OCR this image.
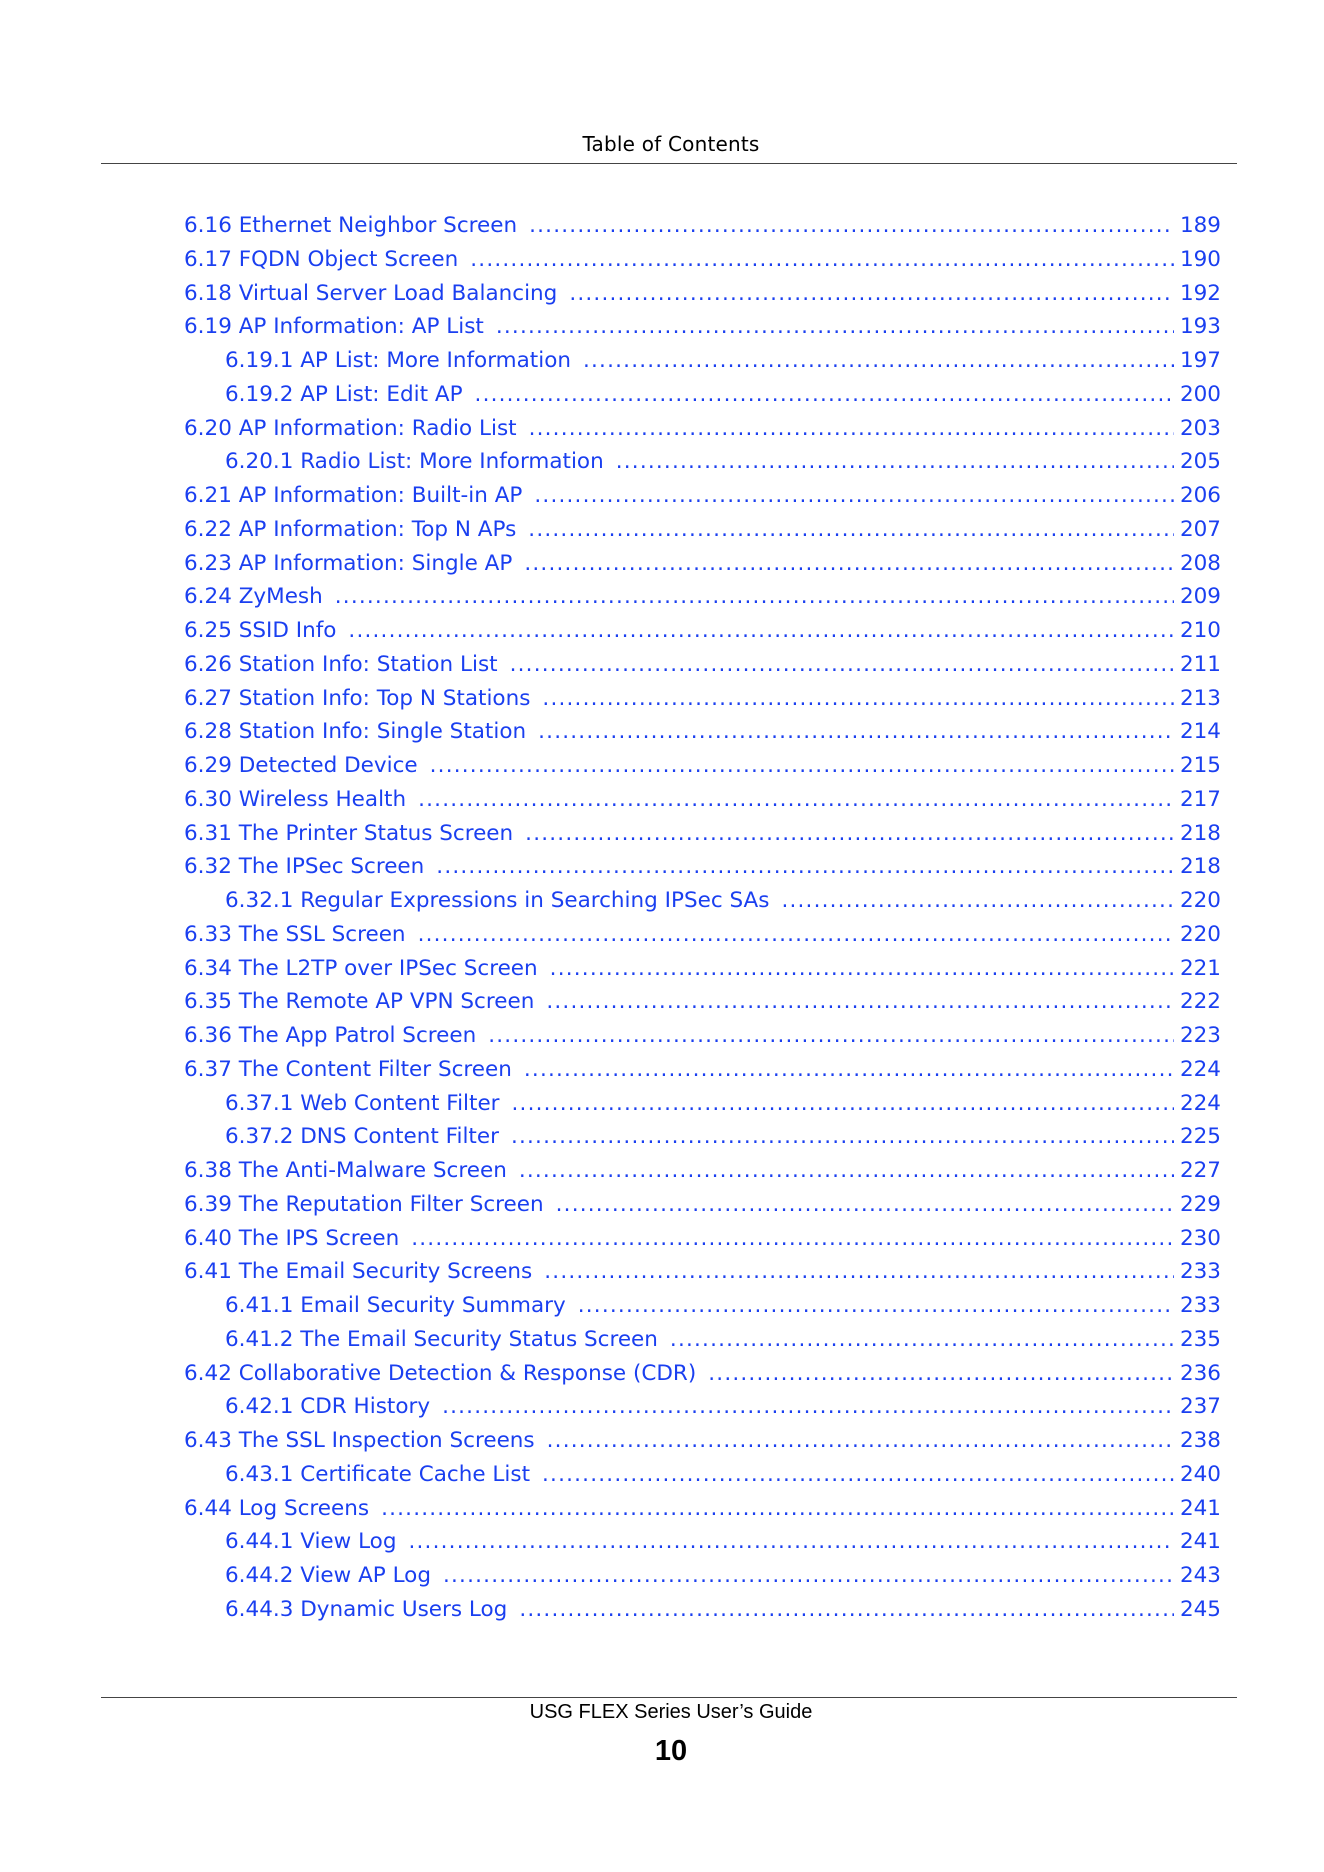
Table of Contents
6.16 Ethernet Neighbor Screen .....	189
6.17 FQDN Object Screen .....	190
6.18 Virtual Server Load Balancing .....	192
6.19 AP Information: AP List .....	193
6.19.1 AP List: More Information .....	197
6.19.2 AP List: Edit AP .....	200
6.20 AP Information: Radio List .....	203
6.20.1 Radio List: More Information .....	205
6.21 AP Information: Built-in AP .....	206
6.22 AP Information: Top N APs .....	207
6.23 AP Information: Single AP .....	208
6.24 ZyMesh .....	209
6.25 SSID Info .....	210
6.26 Station Info: Station List .....	211
6.27 Station Info: Top N Stations .....	213
6.28 Station Info: Single Station .....	214
6.29 Detected Device .....	215
6.30 Wireless Health .....	217
6.31 The Printer Status Screen .....	218
6.32 The IPSec Screen .....	218
6.32.1 Regular Expressions in Searching IPSec SAs .....	220
6.33 The SSL Screen .....	220
6.34 The L2TP over IPSec Screen .....	221
6.35 The Remote AP VPN Screen .....	222
6.36 The App Patrol Screen .....	223
6.37 The Content Filter Screen .....	224
6.37.1 Web Content Filter .....	224
6.37.2 DNS Content Filter .....	225
6.38 The Anti-Malware Screen .....	227
6.39 The Reputation Filter Screen .....	229
6.40 The IPS Screen .....	230
6.41 The Email Security Screens .....	233
6.41.1 Email Security Summary .....	233
6.41.2 The Email Security Status Screen .....	235
6.42 Collaborative Detection & Response (CDR) .....	236
6.42.1 CDR History .....	237
6.43 The SSL Inspection Screens .....	238
6.43.1 Certificate Cache List .....	240
6.44 Log Screens .....	241
6.44.1 View Log .....	241
6.44.2 View AP Log .....	243
6.44.3 Dynamic Users Log .....	245
USG FLEX Series User’s Guide
10
